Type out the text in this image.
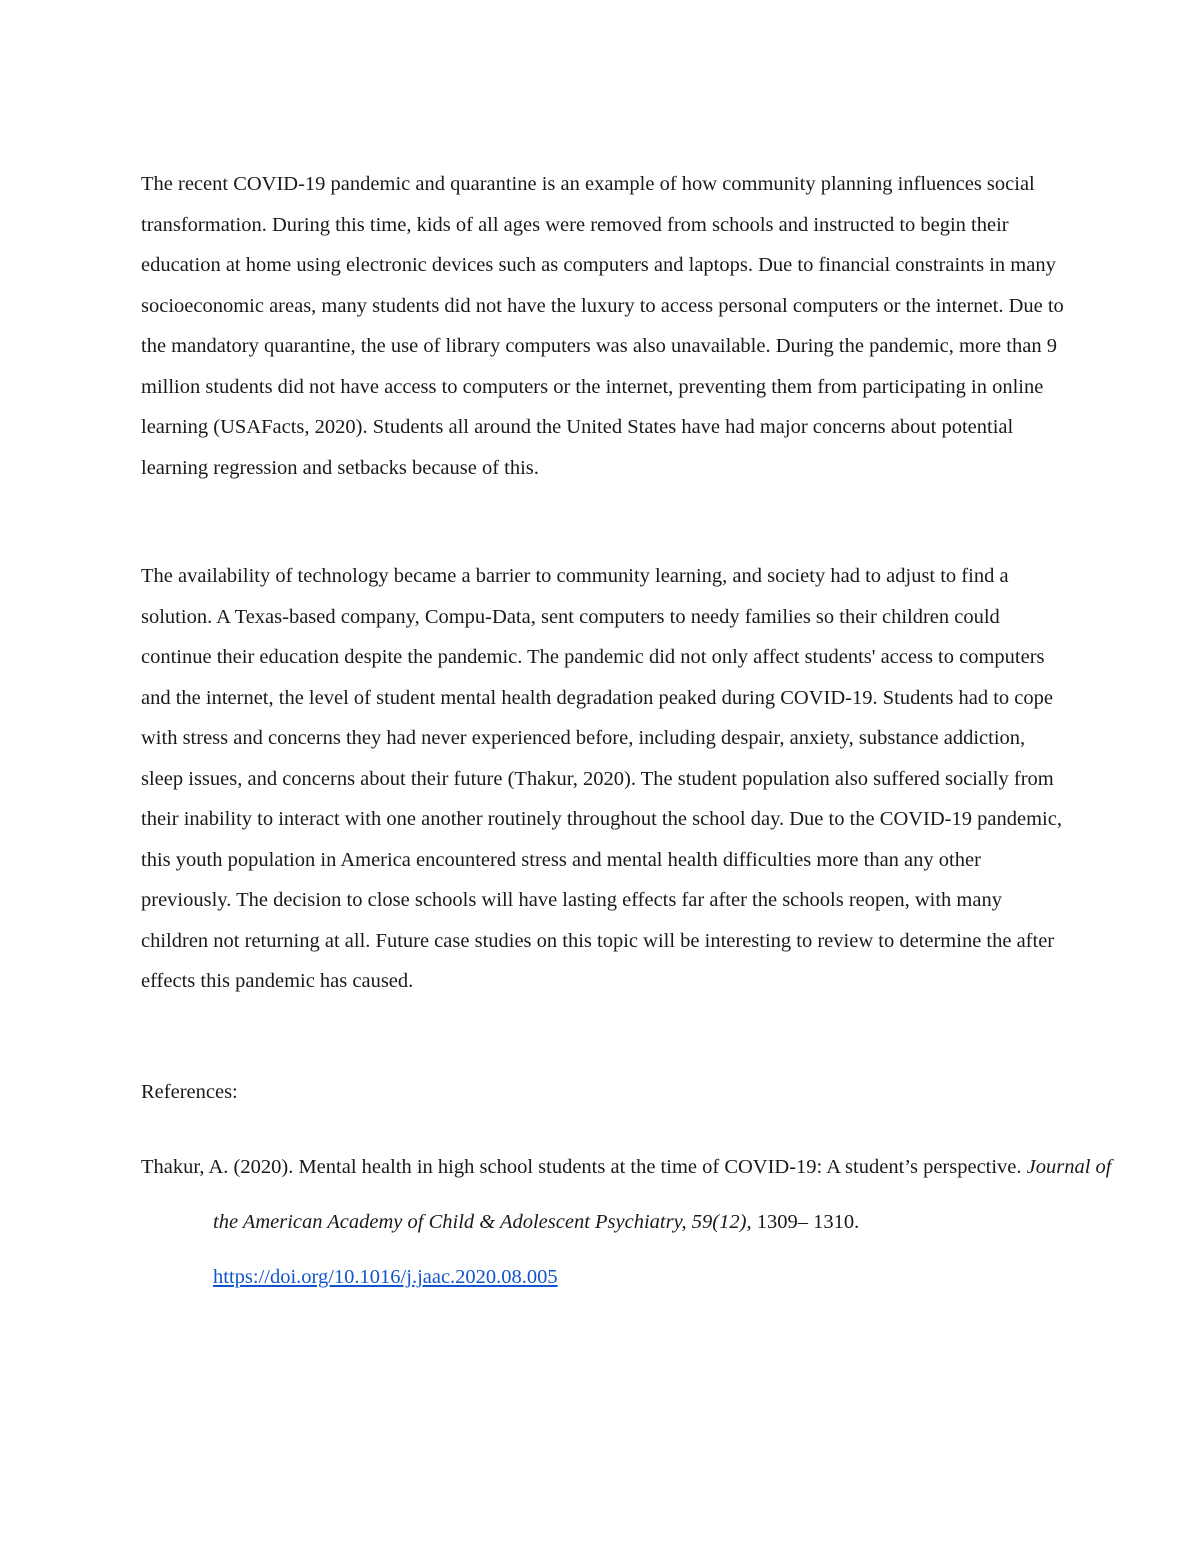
The recent COVID-19 pandemic and quarantine is an example of how community planning influences social transformation. During this time, kids of all ages were removed from schools and instructed to begin their education at home using electronic devices such as computers and laptops. Due to financial constraints in many socioeconomic areas, many students did not have the luxury to access personal computers or the internet. Due to the mandatory quarantine, the use of library computers was also unavailable. During the pandemic, more than 9 million students did not have access to computers or the internet, preventing them from participating in online learning (USAFacts, 2020). Students all around the United States have had major concerns about potential learning regression and setbacks because of this.

The availability of technology became a barrier to community learning, and society had to adjust to find a solution. A Texas-based company, Compu-Data, sent computers to needy families so their children could continue their education despite the pandemic. The pandemic did not only affect students' access to computers and the internet, the level of student mental health degradation peaked during COVID-19. Students had to cope with stress and concerns they had never experienced before, including despair, anxiety, substance addiction, sleep issues, and concerns about their future (Thakur, 2020). The student population also suffered socially from their inability to interact with one another routinely throughout the school day. Due to the COVID-19 pandemic, this youth population in America encountered stress and mental health difficulties more than any other previously. The decision to close schools will have lasting effects far after the schools reopen, with many children not returning at all. Future case studies on this topic will be interesting to review to determine the after effects this pandemic has caused.

References:

Thakur, A. (2020). Mental health in high school students at the time of COVID-19: A student’s perspective. Journal of the American Academy of Child & Adolescent Psychiatry, 59(12), 1309– 1310. https://doi.org/10.1016/j.jaac.2020.08.005
